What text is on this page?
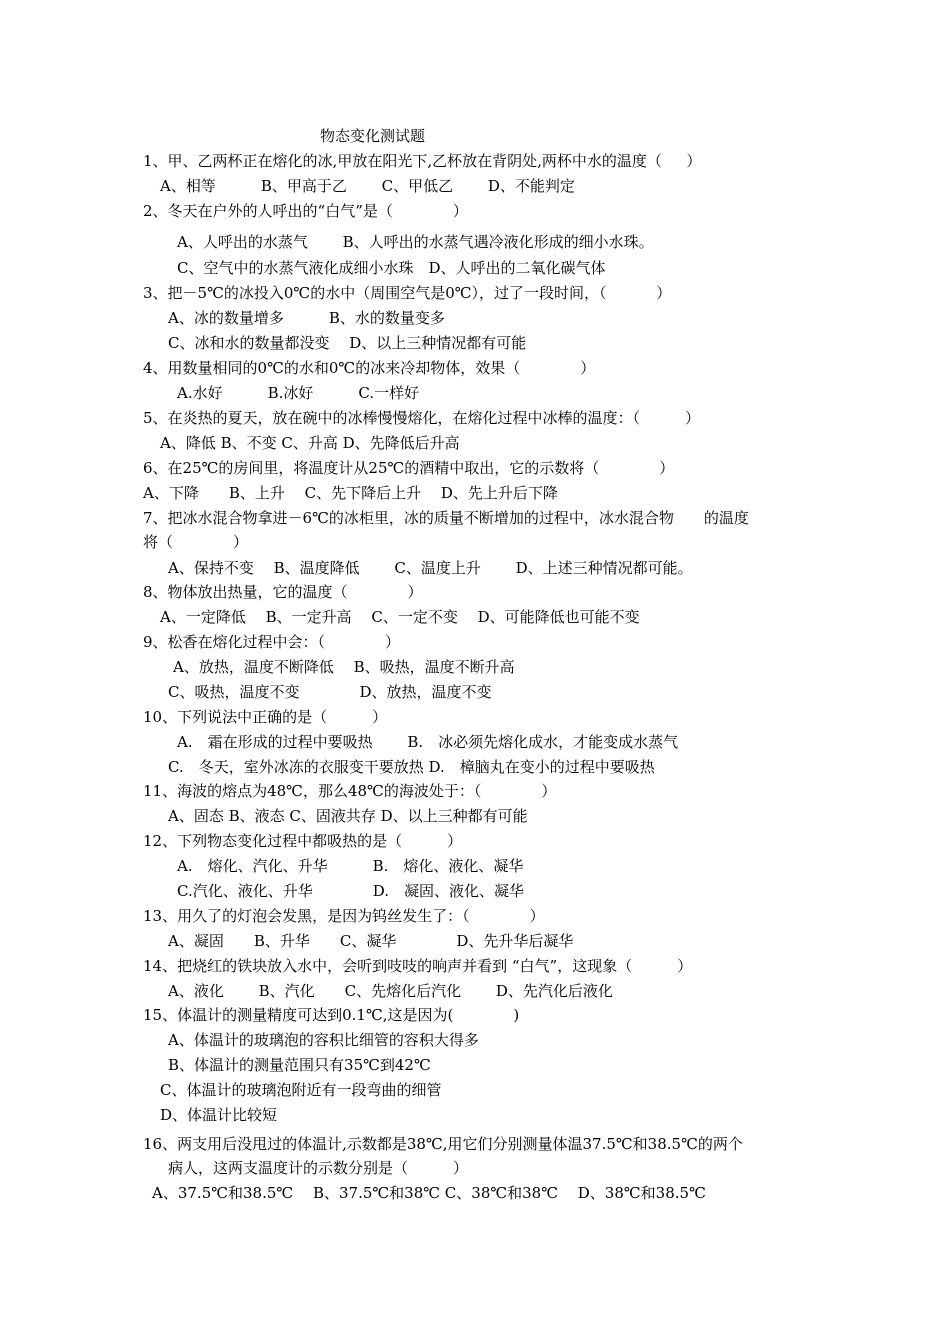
物态变化测试题
1、甲、乙两杯正在熔化的冰,甲放在阳光下,乙杯放在背阴处,两杯中水的温度（　  ）
A、相等　　　B、甲高于乙　　 C、甲低乙　　 D、不能判定
2、冬天在户外的人呼出的“白气”是（　　　　）
A、人呼出的水蒸气　　 B、人呼出的水蒸气遇冷液化形成的细小水珠。
C、空气中的水蒸气液化成细小水珠　D、人呼出的二氧化碳气体
3、把－5℃的冰投入0℃的水中（周围空气是0℃），过了一段时间，（　　　 ）
A、冰的数量增多　　　B、水的数量变多
C、冰和水的数量都没变　 D、以上三种情况都有可能
4、用数量相同的0℃的水和0℃的冰来冷却物体，效果（　　　　）
A.水好　　　B.冰好　　　C.一样好
5、在炎热的夏天，放在碗中的冰棒慢慢熔化，在熔化过程中冰棒的温度：（　　　）
A、降低 B、不变 C、升高 D、先降低后升高
6、在25℃的房间里，将温度计从25℃的酒精中取出，它的示数将（　　　　）
A、下降　　B、上升　 C、先下降后上升　 D、先上升后下降
7、把冰水混合物拿进－6℃的冰柜里，冰的质量不断增加的过程中，冰水混合物　　的温度
将（　　　　）
A、保持不变　 B、温度降低　　 C、温度上升　　 D、上述三种情况都可能。
8、物体放出热量，它的温度（　　　　）
A、一定降低　 B、一定升高　 C、一定不变　 D、可能降低也可能不变
9、松香在熔化过程中会：（　　　　）
A、放热，温度不断降低　 B、吸热，温度不断升高
C、吸热，温度不变　　　　D、放热，温度不变
10、下列说法中正确的是（　　　）
A.　霜在形成的过程中要吸热　　 B.　冰必须先熔化成水，才能变成水蒸气
C.　冬天，室外冰冻的衣服变干要放热 D.　樟脑丸在变小的过程中要吸热
11、海波的熔点为48℃，那么48℃的海波处于：（　　　　）
A、固态 B、液态 C、固液共存 D、以上三种都有可能
12、下列物态变化过程中都吸热的是（　　　）
A.　熔化、汽化、升华　　　B.　熔化、液化、凝华
C.汽化、液化、升华　　　　D.　凝固、液化、凝华
13、用久了的灯泡会发黑，是因为钨丝发生了：（　　　　）
A、凝固　　B、升华　　C、凝华　　　　D、先升华后凝华
14、把烧红的铁块放入水中，会听到吱吱的响声并看到 “白气”，这现象（　　　）
A、液化　　 B、汽化　　C、先熔化后汽化　　 D、先汽化后液化
15、体温计的测量精度可达到0.1℃,这是因为(　　　　)
A、体温计的玻璃泡的容积比细管的容积大得多
B、体温计的测量范围只有35℃到42℃
C、体温计的玻璃泡附近有一段弯曲的细管
D、体温计比较短
16、两支用后没甩过的体温计,示数都是38℃,用它们分别测量体温37.5℃和38.5℃的两个
病人，这两支温度计的示数分别是（　　　）
A、37.5℃和38.5℃　 B、37.5℃和38℃ C、38℃和38℃　 D、38℃和38.5℃
